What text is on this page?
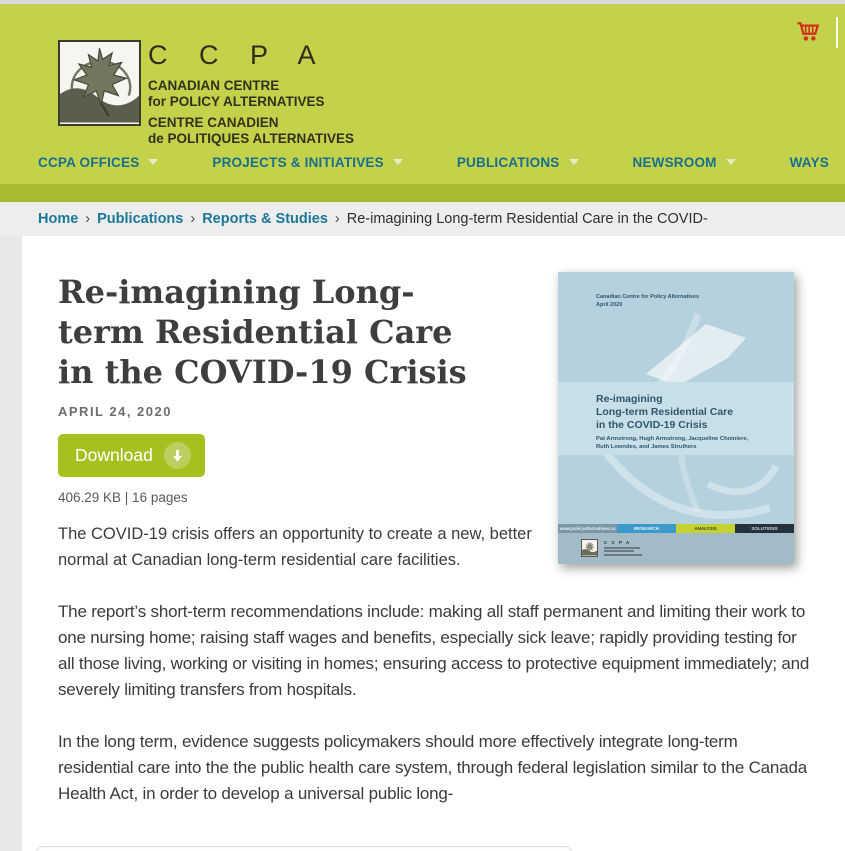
C C P A
CANADIAN CENTRE
for POLICY ALTERNATIVES
CENTRE CANADIEN
de POLITIQUES ALTERNATIVES
CCPA OFFICES	PROJECTS & INITIATIVES	PUBLICATIONS	NEWSROOM	WAYS
Home › Publications › Reports & Studies › Re-imagining Long-term Residential Care in the COVID-
Re-imagining Long-
term Residential Care
in the COVID-19 Crisis
APRIL 24, 2020
Download
406.29 KB | 16 pages

The COVID-19 crisis offers an opportunity to create a new, better normal at Canadian long-term residential care facilities.

The report’s short-term recommendations include: making all staff permanent and limiting their work to one nursing home; raising staff wages and benefits, especially sick leave; rapidly providing testing for all those living, working or visiting in homes; ensuring access to protective equipment immediately; and severely limiting transfers from hospitals.

In the long term, evidence suggests policymakers should more effectively integrate long-term residential care into the the public health care system, through federal legislation similar to the Canada Health Act, in order to develop a universal public long-

Canadian Centre for Policy Alternatives
April 2020
Re-imagining
Long-term Residential Care
in the COVID-19 Crisis
Pat Armstrong, Hugh Armstrong, Jacqueline Choiniere,
Ruth Lowndes, and James Struthers
www.policyalternatives.ca	RESEARCH	ANALYSIS	SOLUTIONS
C C P A
